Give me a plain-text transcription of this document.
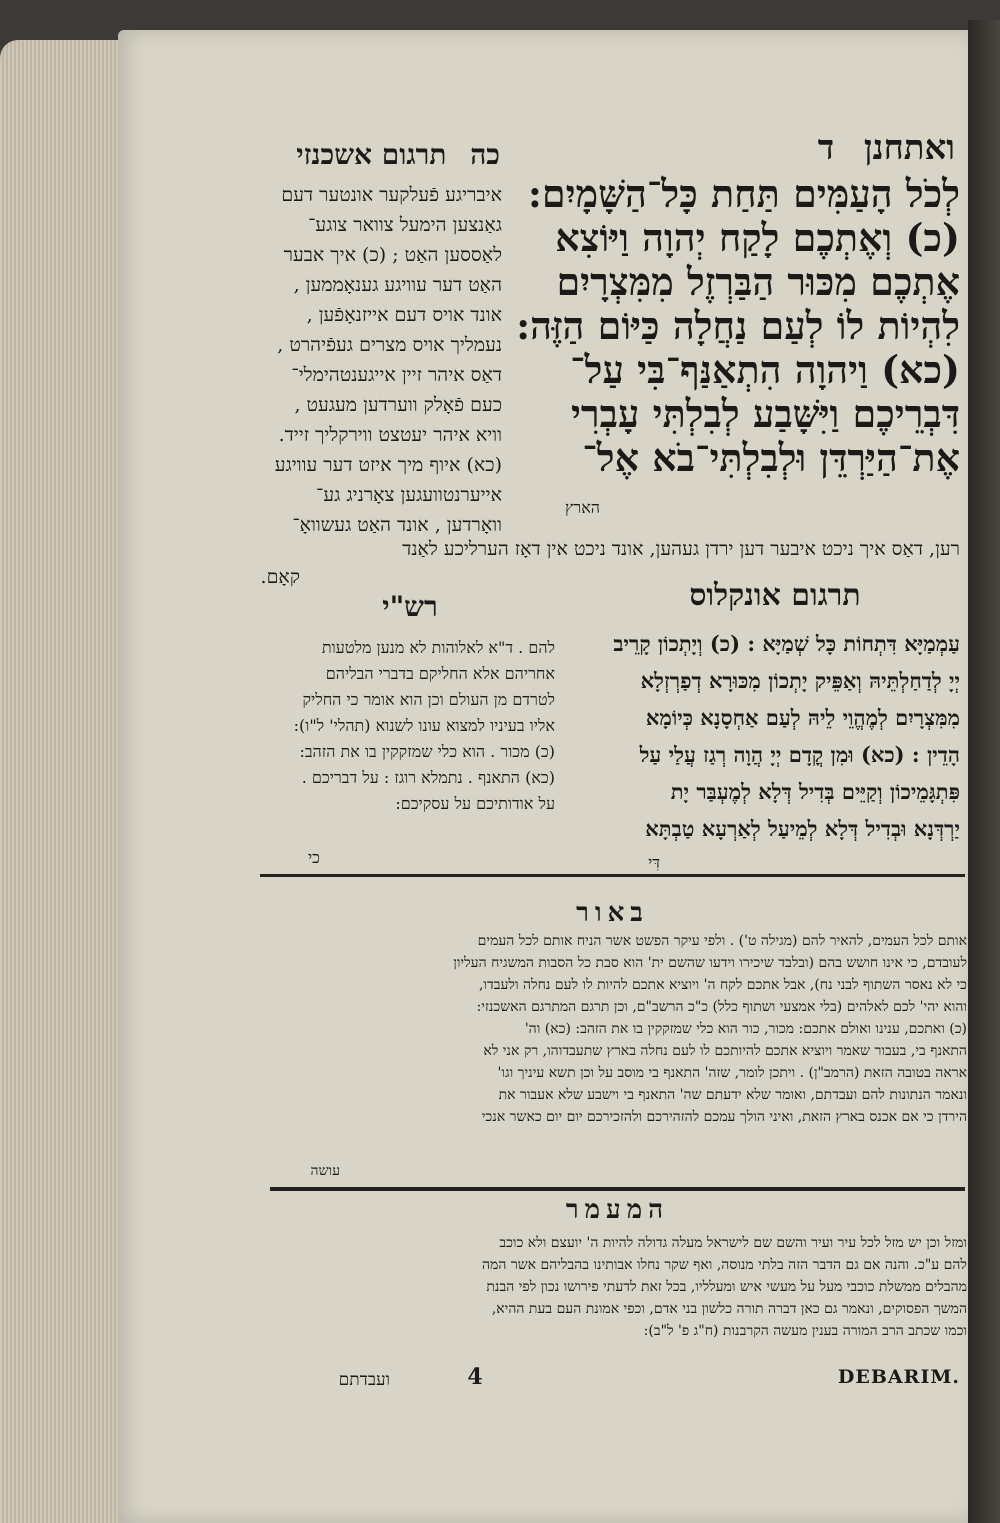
כה תרגום אשכנזי	ואתחנן ד
לְכֹל הָעַמִּים תַּחַת כָּל־הַשָּׁמָיִם:
(כ) וְאֶתְכֶם לָקַח יְהוָה וַיּוֹצִא
אֶתְכֶם מִכּוּר הַבַּרְזֶל מִמִּצְרָיִם
לִהְיוֹת לוֹ לְעַם נַחֲלָה כַּיּוֹם הַזֶּה:
(כא) וַיהוָה הִתְאַנַּף־בִּי עַל־
דִּבְרֵיכֶם וַיִּשָּׁבַע לְבִלְתִּי עָבְרִי
אֶת־הַיַּרְדֵּן וּלְבִלְתִּי־בֹא אֶל־
הארץ
איבריגע פֿעלקער אונטער דעם
גאַנצען הימעל צוואר צוגע־
לאַססען האַט ; (כ) איך אבער
האַט דער עוויגע גענאָממען ,
אונד אויס דעם אייזנאָפֿען ,
נעמליך אויס מצרים געפֿיהרט ,
דאַס איהר זיין אייגענטהימלי־
כעם פֿאָלק ווערדען מעגעט ,
וויא איהר יעטצט ווירקליך זייד.
(כא) איוף מיך איזט דער עוויגע
אייערנטוועגען צאָרניג גע־
וואָרדען , אונד האַט געשוואָ־
רען, דאַס איך ניכט איבער דען ירדן געהען, אונד ניכט אין דאָז הערליכע לאַנד
קאָם.
תרגום אונקלוס
עַמְמַיָּא דִּתְחוֹת כָּל שְׁמַיָּא : (כ) וְיָתְכוֹן קָרֵיב
יְיָ לְדַחַלְתֵּיהּ וְאַפֵּיק יָתְכוֹן מִכּוּרָא דְפַרְזְלָא
מִמִּצְרָיִם לְמֶהֱוֵי לֵיהּ לְעַם אַחְסָנָא כְּיוֹמָא
הָדֵין : (כא) וּמִן קֳדָם יְיָ הֲוָה רְגַז עֲלַי עַל
פִּתְגָּמֵיכוֹן וְקַיֵּים בְּדִיל דְּלָא לְמֶעְבַּר יָת
יַרְדְּנָא וּבְדִיל דְּלָא לְמֵיעַל לְאַרְעָא טַבְתָּא
דִּי
רש"י
להם . ד"א לאלוהות לא מנען מלטעות
אחריהם אלא החליקם בדברי הבליהם
לטרדם מן העולם וכן הוא אומר כי החליק
אליו בעיניו למצוא עונו לשנוא (תהלי' ל"ו):
(כ) מכור . הוא כלי שמזקקין בו את הזהב:
(כא) התאנף . נתמלא רוגז : על דבריכם .
על אודותיכם על עסקיכם:
כי
באור
אותם לכל העמים, להאיר להם (מגילה ט') . ולפי עיקר הפשט אשר הניח אותם לכל העמים
לעובדם, כי אינו חושש בהם (ובלבד שיכירו וידעו שהשם ית' הוא סבת כל הסבות המשגיח העליון
כי לא נאסר השתוף לבני נח), אבל אתכם לקח ה' ויוציא אתכם להיות לו לעם נחלה ולעבדו,
והוא יהי' לכם לאלהים (בלי אמצעי ושתוף כלל) כ"כ הרשב"ם, וכן תרגם המתרגם האשכנזי:
(כ) ואתכם, ענינו ואולם אתכם: מכור, כור הוא כלי שמזקקין בו את הזהב: (כא) וה'
התאנף בי, בעבור שאמר ויוציא אתכם להיותכם לו לעם נחלה בארץ שתעבדוהו, רק אני לא
אראה בטובה הזאת (הרמב"ן) . ויתכן לומר, שזה' התאנף בי מוסב על וכן תשא עיניך וגו'
ונאמר הנתונות להם ועבדתם, ואומר שלא ידעתם שה' התאנף בי וישבע שלא אעבור את
הירדן כי אם אכנס בארץ הזאת, ואיני הולך עמכם להזהירכם ולהזכירכם יום יום כאשר אנכי
עושה
המעמר
ומזל וכן יש מזל לכל עיר ועיר והשם שם לישראל מעלה גדולה להיות ה' יועצם ולא כוכב
להם ע"כ. והנה אם גם הדבר הזה בלתי מנוסה, ואף שקר נחלו אבותינו בהבליהם אשר המה
מהבלים ממשלת כוכבי מעל על מעשי איש ומעלליו, בכל זאת לדעתי פירושו נכון לפי הבנת
המשך הפסוקים, ונאמר גם כאן דברה תורה כלשון בני אדם, וכפי אמונת העם בעת ההיא,
וכמו שכתב הרב המורה בענין מעשה הקרבנות (ח"ג פ' ל"ב):
ועבדתם	4	DEBARIM.
